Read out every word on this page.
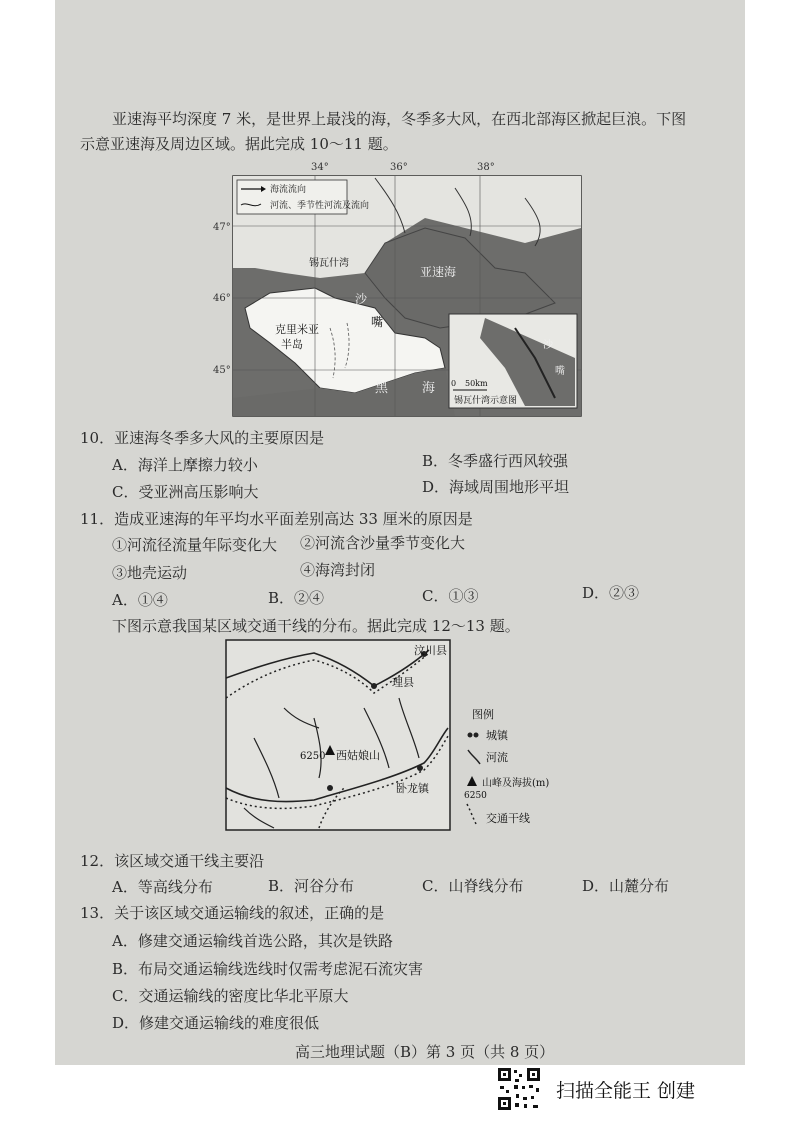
亚速海平均深度 7 米，是世界上最浅的海，冬季多大风，在西北部海区掀起巨浪。下图
示意亚速海及周边区域。据此完成 10～11 题。
34°	36°	38°
47°
46°
45°
海流流向
河流、季节性河流及流向
锡瓦什湾
亚速海
沙
嘴
克里米亚
半岛
黑	海
沙
嘴
0 50km
锡瓦什湾示意图
10．亚速海冬季多大风的主要原因是
A．海洋上摩擦力较小	B．冬季盛行西风较强
C．受亚洲高压影响大	D．海域周围地形平坦
11．造成亚速海的年平均水平面差别高达 33 厘米的原因是
①河流径流量年际变化大 ②河流含沙量季节变化大
③地壳运动	④海湾封闭
A．①④	B．②④	C．①③	D．②③
下图示意我国某区域交通干线的分布。据此完成 12～13 题。
6250 西姑娘山
汶川县
理县
卧龙镇
图例
城镇
河流
山峰及海拔(m)
6250
交通干线
12．该区域交通干线主要沿
A．等高线分布	B．河谷分布	C．山脊线分布	D．山麓分布
13．关于该区域交通运输线的叙述，正确的是
A．修建交通运输线首选公路，其次是铁路
B．布局交通运输线选线时仅需考虑泥石流灾害
C．交通运输线的密度比华北平原大
D．修建交通运输线的难度很低
高三地理试题（B）第 3 页（共 8 页）
扫描全能王 创建
